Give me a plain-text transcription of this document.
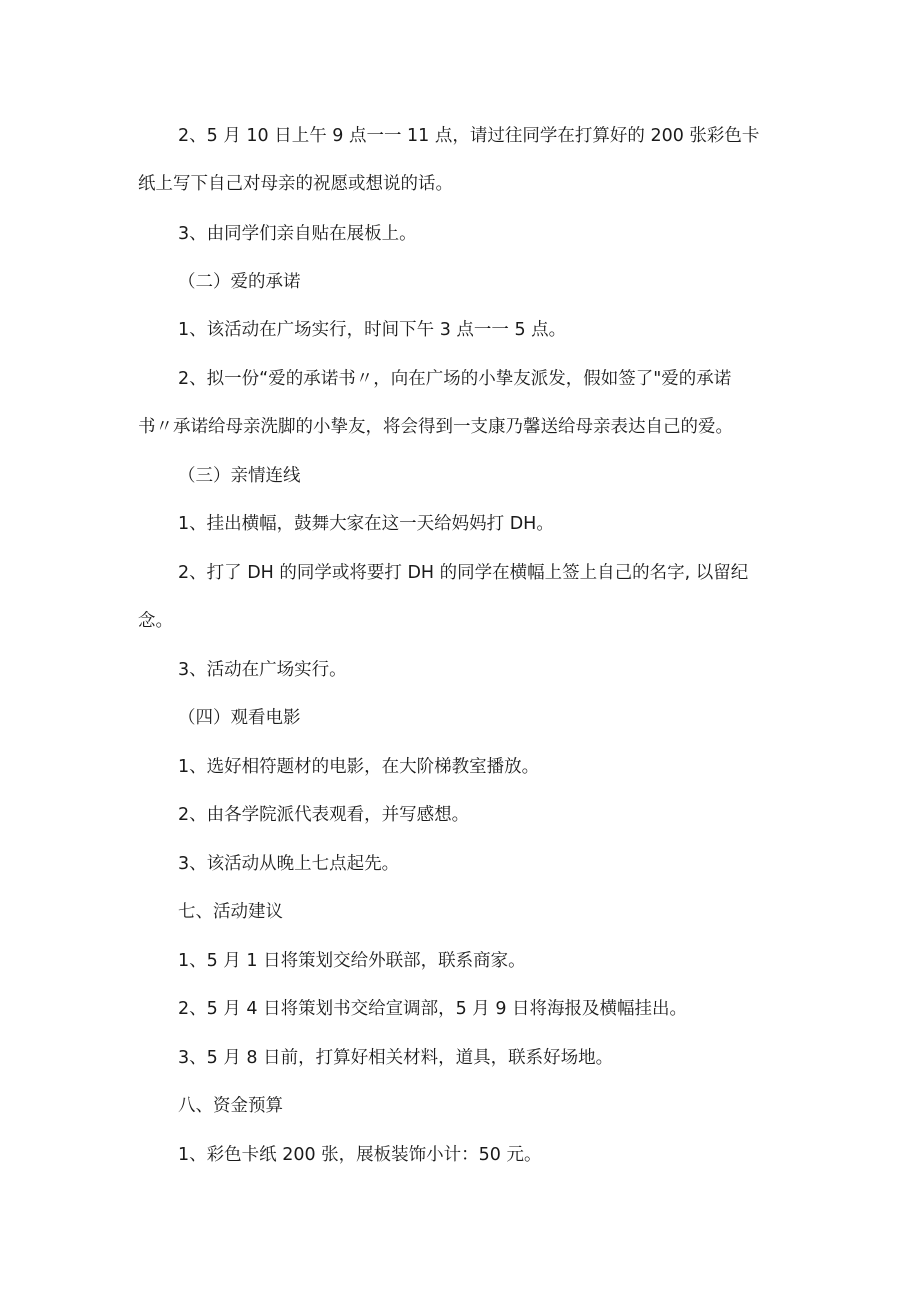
2、5 月 10 日上午 9 点一一 11 点，请过往同学在打算好的 200 张彩色卡
纸上写下自己对母亲的祝愿或想说的话。
3、由同学们亲自贴在展板上。
（二）爱的承诺
1、该活动在广场实行，时间下午 3 点一一 5 点。
2、拟一份“爱的承诺书〃，向在广场的小挚友派发，假如签了"爱的承诺
书〃承诺给母亲洗脚的小挚友，将会得到一支康乃馨送给母亲表达自己的爱。
（三）亲情连线
1、挂出横幅，鼓舞大家在这一天给妈妈打 DH。
2、打了 DH 的同学或将要打 DH 的同学在横幅上签上自己的名字, 以留纪
念。
3、活动在广场实行。
（四）观看电影
1、选好相符题材的电影，在大阶梯教室播放。
2、由各学院派代表观看，并写感想。
3、该活动从晚上七点起先。
七、活动建议
1、5 月 1 日将策划交给外联部，联系商家。
2、5 月 4 日将策划书交给宣调部，5 月 9 日将海报及横幅挂出。
3、5 月 8 日前，打算好相关材料，道具，联系好场地。
八、资金预算
1、彩色卡纸 200 张，展板装饰小计：50 元。
